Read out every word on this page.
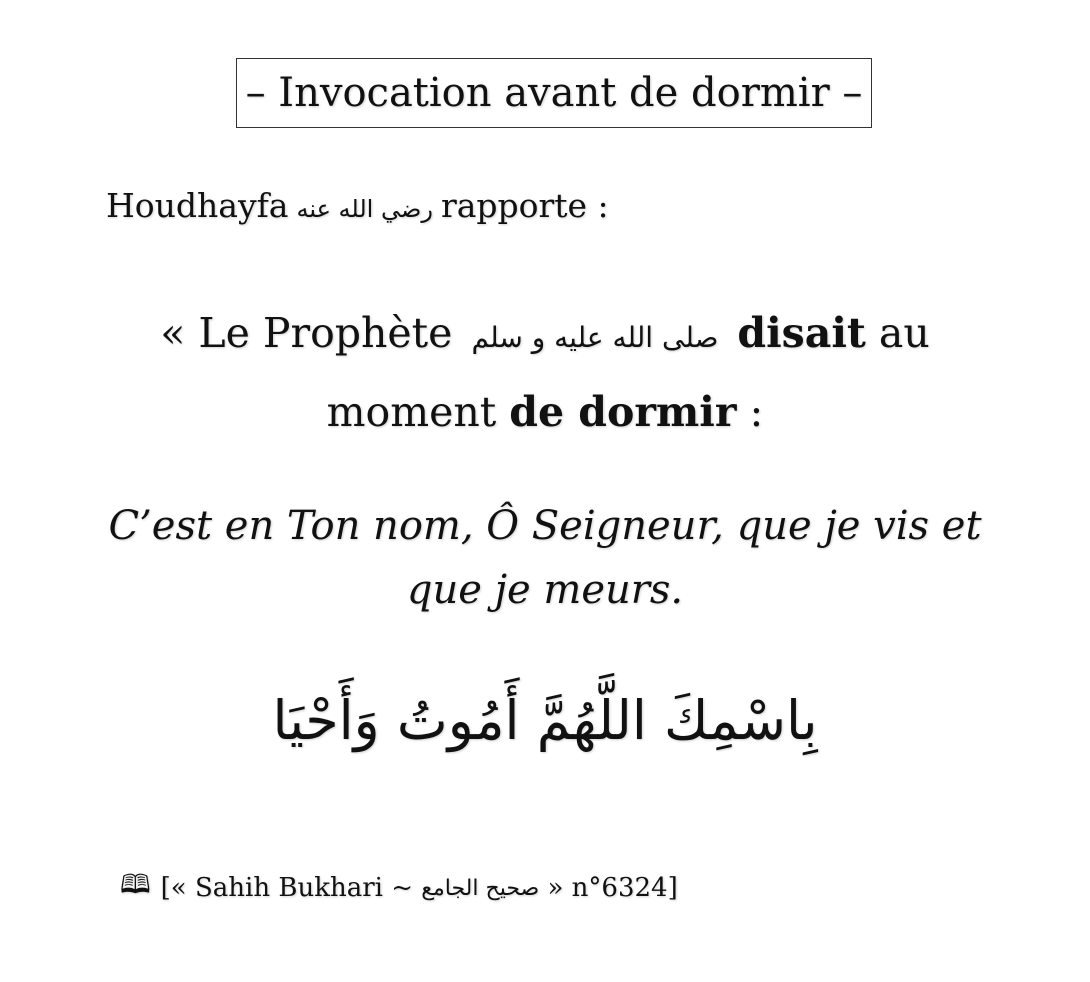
– Invocation avant de dormir –
Houdhayfa رضي الله عنه rapporte :
« Le Prophète صلى الله عليه و سلم disait au moment de dormir :
C’est en Ton nom, Ô Seigneur, que je vis et que je meurs.
بِاسْمِكَ اللَّهُمَّ أَمُوتُ وَأَحْيَا
🕮 [« Sahih Bukhari ~
صحيح الجامع
» n°6324]
